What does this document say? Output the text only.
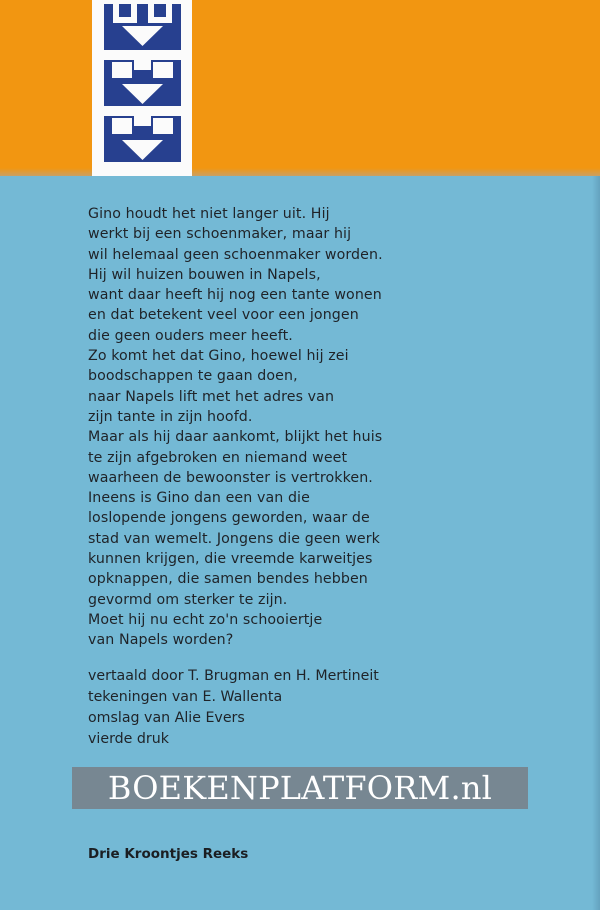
Gino houdt het niet langer uit. Hij
werkt bij een schoenmaker, maar hij
wil helemaal geen schoenmaker worden.
Hij wil huizen bouwen in Napels,
want daar heeft hij nog een tante wonen
en dat betekent veel voor een jongen
die geen ouders meer heeft.
Zo komt het dat Gino, hoewel hij zei
boodschappen te gaan doen,
naar Napels lift met het adres van
zijn tante in zijn hoofd.
Maar als hij daar aankomt, blijkt het huis
te zijn afgebroken en niemand weet
waarheen de bewoonster is vertrokken.
Ineens is Gino dan een van die
loslopende jongens geworden, waar de
stad van wemelt. Jongens die geen werk
kunnen krijgen, die vreemde karweitjes
opknappen, die samen bendes hebben
gevormd om sterker te zijn.
Moet hij nu echt zo'n schooiertje
van Napels worden?
vertaald door T. Brugman en H. Mertineit
tekeningen van E. Wallenta
omslag van Alie Evers
vierde druk
BOEKENPLATFORM.nl
Drie Kroontjes Reeks
